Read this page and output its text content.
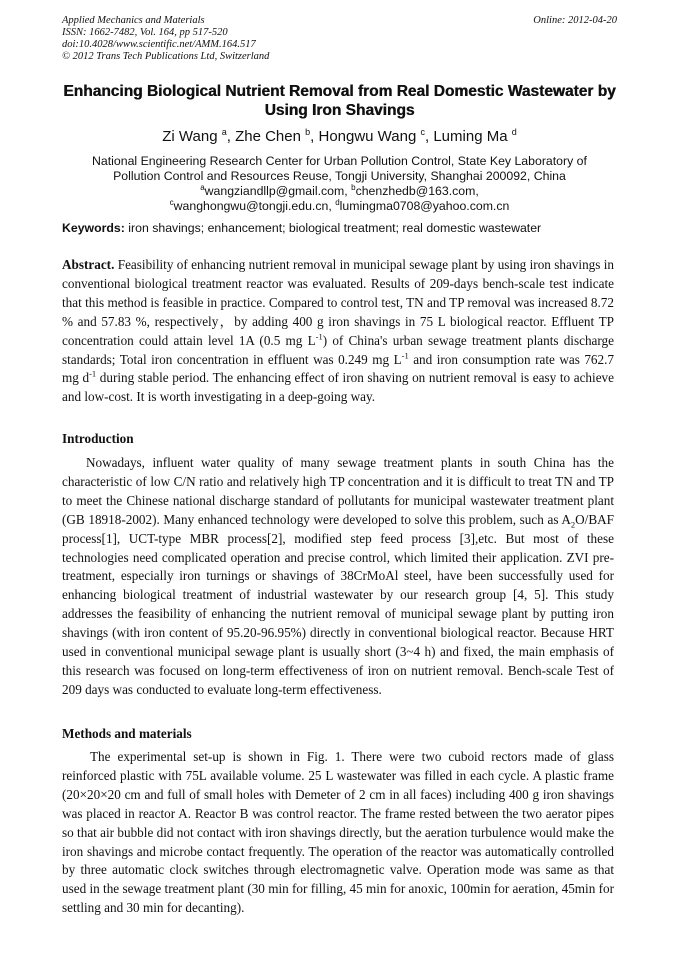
Applied Mechanics and Materials
ISSN: 1662-7482, Vol. 164, pp 517-520
doi:10.4028/www.scientific.net/AMM.164.517
© 2012 Trans Tech Publications Ltd, Switzerland
Online: 2012-04-20
Enhancing Biological Nutrient Removal from Real Domestic Wastewater by
Using Iron Shavings
Zi Wang $^a$, Zhe Chen $^b$, Hongwu Wang $^c$, Luming Ma $^d$
National Engineering Research Center for Urban Pollution Control, State Key Laboratory of
Pollution Control and Resources Reuse, Tongji University, Shanghai 200092, China
$^a$wangziandllp@gmail.com, $^b$chenzhedb@163.com,
$^c$wanghongwu@tongji.edu.cn, $^d$lumingma0708@yahoo.com.cn
Keywords: iron shavings; enhancement; biological treatment; real domestic wastewater
Abstract. Feasibility of enhancing nutrient removal in municipal sewage plant by using iron shavings in conventional biological treatment reactor was evaluated. Results of 209-days bench-scale test indicate that this method is feasible in practice. Compared to control test, TN and TP removal was increased 8.72 % and 57.83 %, respectively，by adding 400 g iron shavings in 75 L biological reactor. Effluent TP concentration could attain level 1A (0.5 mg $L^{-1}$) of China's urban sewage treatment plants discharge standards; Total iron concentration in effluent was 0.249 mg $L^{-1}$ and iron consumption rate was 762.7 mg $d^{-1}$ during stable period. The enhancing effect of iron shaving on nutrient removal is easy to achieve and low-cost. It is worth investigating in a deep-going way.
Introduction
Nowadays, influent water quality of many sewage treatment plants in south China has the characteristic of low C/N ratio and relatively high TP concentration and it is difficult to treat TN and TP to meet the Chinese national discharge standard of pollutants for municipal wastewater treatment plant (GB 18918-2002). Many enhanced technology were developed to solve this problem, such as $A_2O$/BAF process[1], UCT-type MBR process[2], modified step feed process [3],etc. But most of these technologies need complicated operation and precise control, which limited their application. ZVI pre-treatment, especially iron turnings or shavings of 38CrMoAl steel, have been successfully used for enhancing biological treatment of industrial wastewater by our research group [4, 5]. This study addresses the feasibility of enhancing the nutrient removal of municipal sewage plant by putting iron shavings (with iron content of 95.20-96.95%) directly in conventional biological reactor. Because HRT used in conventional municipal sewage plant is usually short (3~4 h) and fixed, the main emphasis of this research was focused on long-term effectiveness of iron on nutrient removal. Bench-scale Test of 209 days was conducted to evaluate long-term effectiveness.
Methods and materials
The experimental set-up is shown in Fig. 1. There were two cuboid rectors made of glass reinforced plastic with 75L available volume. 25 L wastewater was filled in each cycle. A plastic frame (20×20×20 cm and full of small holes with Demeter of 2 cm in all faces) including 400 g iron shavings was placed in reactor A. Reactor B was control reactor. The frame rested between the two aerator pipes so that air bubble did not contact with iron shavings directly, but the aeration turbulence would make the iron shavings and microbe contact frequently. The operation of the reactor was automatically controlled by three automatic clock switches through electromagnetic valve. Operation mode was same as that used in the sewage treatment plant (30 min for filling, 45 min for anoxic, 100min for aeration, 45min for settling and 30 min for decanting).
